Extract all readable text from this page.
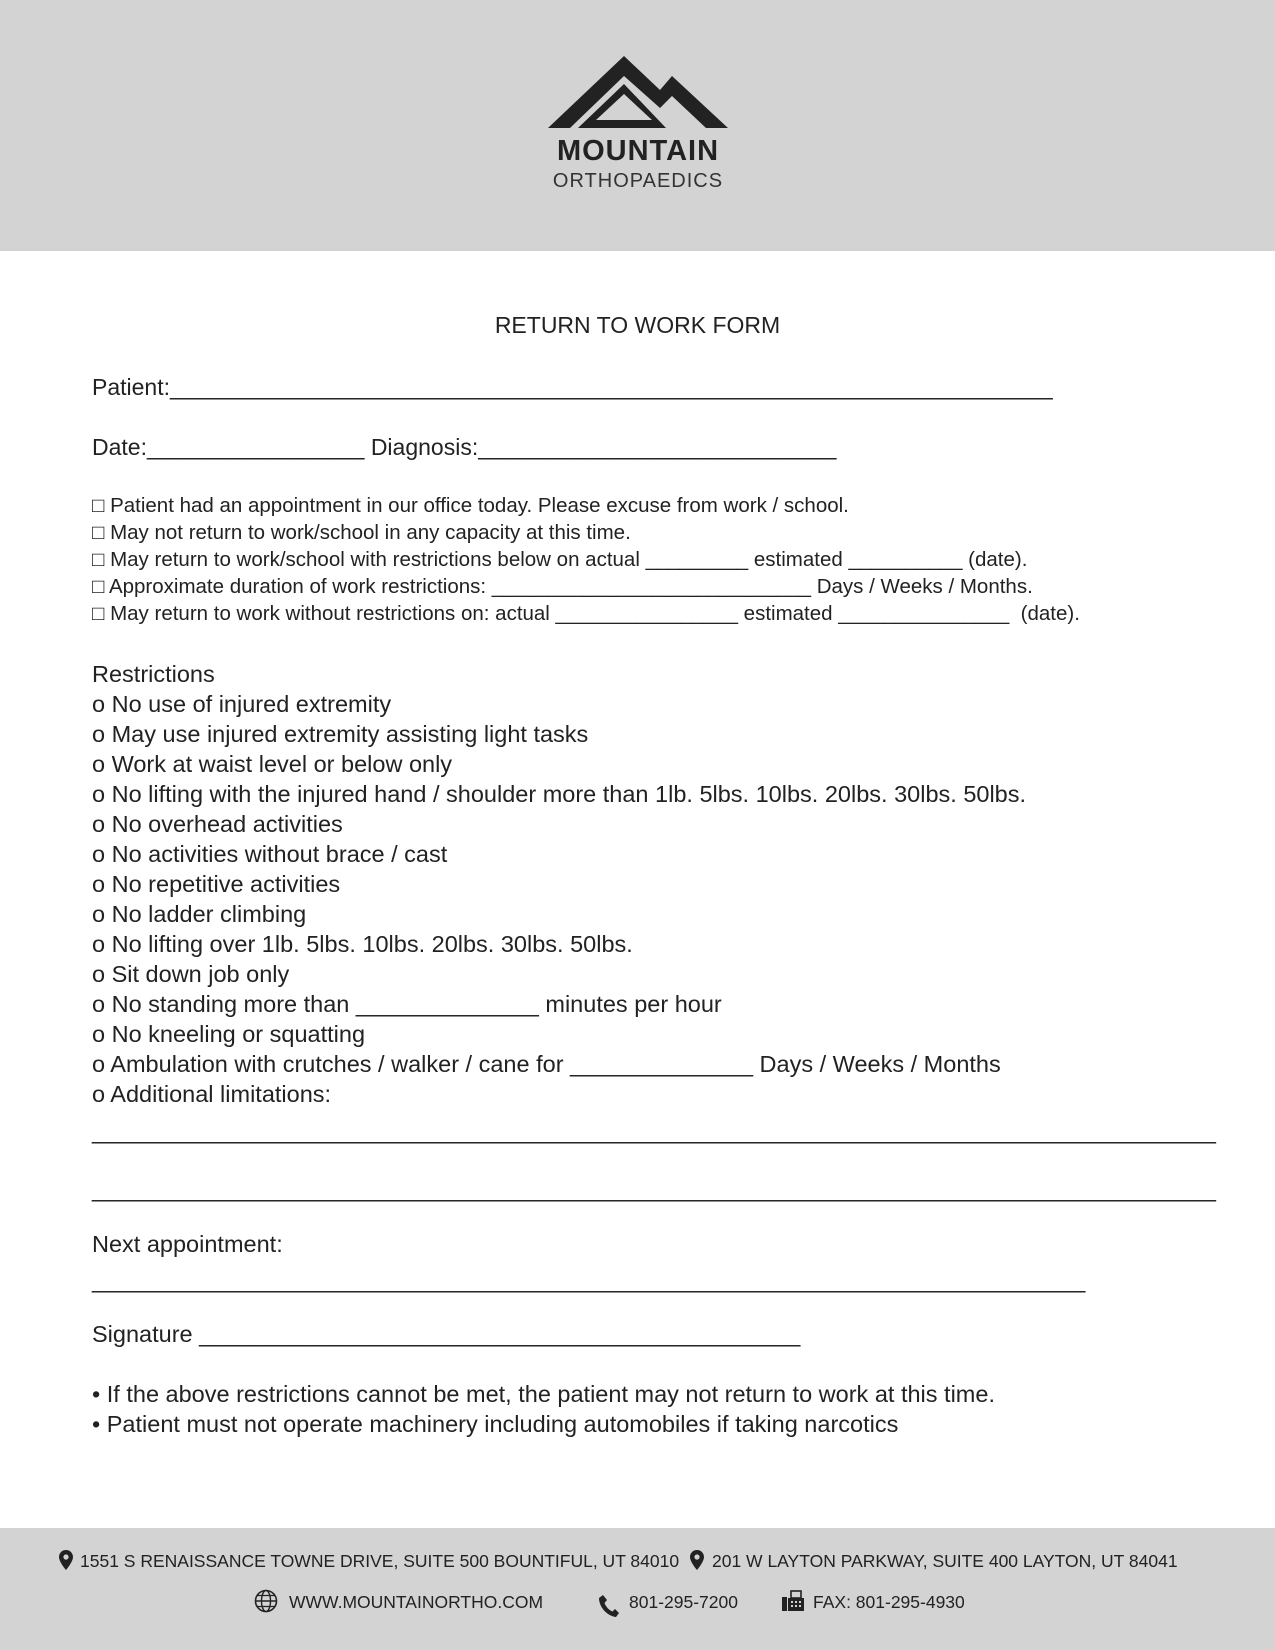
MOUNTAIN
ORTHOPAEDICS
RETURN TO WORK FORM
Patient:_____________________________________________________________________
Date:_________________ Diagnosis:____________________________
□ Patient had an appointment in our office today. Please excuse from work / school.
□ May not return to work/school in any capacity at this time.
□ May return to work/school with restrictions below on actual _________ estimated __________ (date).
□ Approximate duration of work restrictions: ____________________________ Days / Weeks / Months.
□ May return to work without restrictions on: actual ________________ estimated _______________  (date).
Restrictions
o No use of injured extremity
o May use injured extremity assisting light tasks
o Work at waist level or below only
o No lifting with the injured hand / shoulder more than 1lb. 5lbs. 10lbs. 20lbs. 30lbs. 50lbs.
o No overhead activities
o No activities without brace / cast
o No repetitive activities
o No ladder climbing
o No lifting over 1lb. 5lbs. 10lbs. 20lbs. 30lbs. 50lbs.
o Sit down job only
o No standing more than ______________ minutes per hour
o No kneeling or squatting
o Ambulation with crutches / walker / cane for ______________ Days / Weeks / Months
o Additional limitations:
______________________________________________________________________________________
______________________________________________________________________________________
Next appointment:
____________________________________________________________________________
Signature ______________________________________________
• If the above restrictions cannot be met, the patient may not return to work at this time.
• Patient must not operate machinery including automobiles if taking narcotics
1551 S RENAISSANCE TOWNE DRIVE, SUITE 500 BOUNTIFUL, UT 84010 201 W LAYTON PARKWAY, SUITE 400 LAYTON, UT 84041
WWW.MOUNTAINORTHO.COM	801-295-7200	FAX: 801-295-4930
